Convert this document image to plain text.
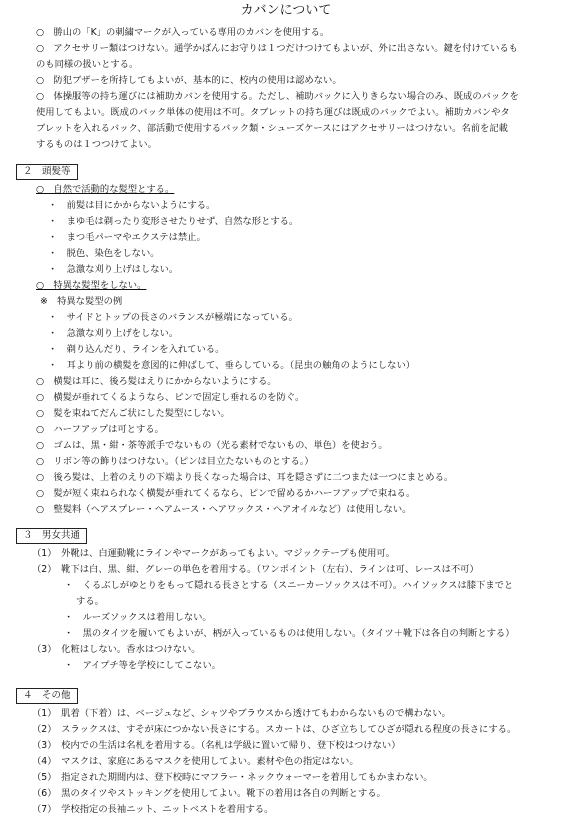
カバンについて
○　勝山の「K」の刺繍マークが入っている専用のカバンを使用する。
○　アクセサリー類はつけない。通学かばんにお守りは１つだけつけてもよいが、外に出さない。鍵を付けているも
のも同様の扱いとする。
○　防犯ブザーを所持してもよいが、基本的に、校内の使用は認めない。
○　体操服等の持ち運びには補助カバンを使用する。ただし、補助バックに入りきらない場合のみ、既成のバックを
使用してもよい。既成のバック単体の使用は不可。タブレットの持ち運びは既成のバックでよい。補助カバンやタ
ブレットを入れるバック、部活動で使用するバック類・シューズケースにはアクセサリーはつけない。名前を記載
するものは１つつけてよい。
２　頭髪等
○　自然で活動的な髪型とする。
・　前髪は目にかからないようにする。
・　まゆ毛は剃ったり変形させたりせず、自然な形とする。
・　まつ毛パーマやエクステは禁止。
・　脱色、染色をしない。
・　急激な刈り上げはしない。
○　特異な髪型をしない。
※　特異な髪型の例
・　サイドとトップの長さのバランスが極端になっている。
・　急激な刈り上げをしない。
・　剃り込んだり、ラインを入れている。
・　耳より前の横髪を意図的に伸ばして、垂らしている。（昆虫の触角のようにしない）
○　横髪は耳に、後ろ髪はえりにかからないようにする。
○　横髪が垂れてくるようなら、ピンで固定し垂れるのを防ぐ。
○　髪を束ねてだんご状にした髪型にしない。
○　ハーフアップは可とする。
○　ゴムは、黒・紺・茶等派手でないもの（光る素材でないもの、単色）を使おう。
○　リボン等の飾りはつけない。（ピンは目立たないものとする。）
○　後ろ髪は、上着のえりの下端より長くなった場合は、耳を隠さずに二つまたは一つにまとめる。
○　髪が短く束ねられなく横髪が垂れてくるなら、ピンで留めるかハーフアップで束ねる。
○　整髪料（ヘアスプレー・ヘアムース・ヘアワックス・ヘアオイルなど）は使用しない。
３　男女共通
（1）　外靴は、白運動靴にラインやマークがあってもよい。マジックテープも使用可。
（2）　靴下は白、黒、紺、グレーの単色を着用する。（ワンポイント（左右）、ラインは可、レースは不可）
・　くるぶしがゆとりをもって隠れる長さとする（スニーカーソックスは不可）。ハイソックスは膝下までと
する。
・　ルーズソックスは着用しない。
・　黒のタイツを履いてもよいが、柄が入っているものは使用しない。（タイツ＋靴下は各自の判断とする）
（3）　化粧はしない。香水はつけない。
・　アイプチ等を学校にしてこない。
４　その他
（1）　肌着（下着）は、ベージュなど、シャツやブラウスから透けてもわからないもので構わない。
（2）　スラックスは、すそが床につかない長さにする。スカートは、ひざ立ちしてひざが隠れる程度の長さにする。
（3）　校内での生活は名札を着用する。（名札は学級に置いて帰り、登下校はつけない）
（4）　マスクは、家庭にあるマスクを使用してよい。素材や色の指定はない。
（5）　指定された期間内は、登下校時にマフラー・ネックウォーマーを着用してもかまわない。
（6）　黒のタイツやストッキングを使用してよい。靴下の着用は各自の判断とする。
（7）　学校指定の長袖ニット、ニットベストを着用する。
